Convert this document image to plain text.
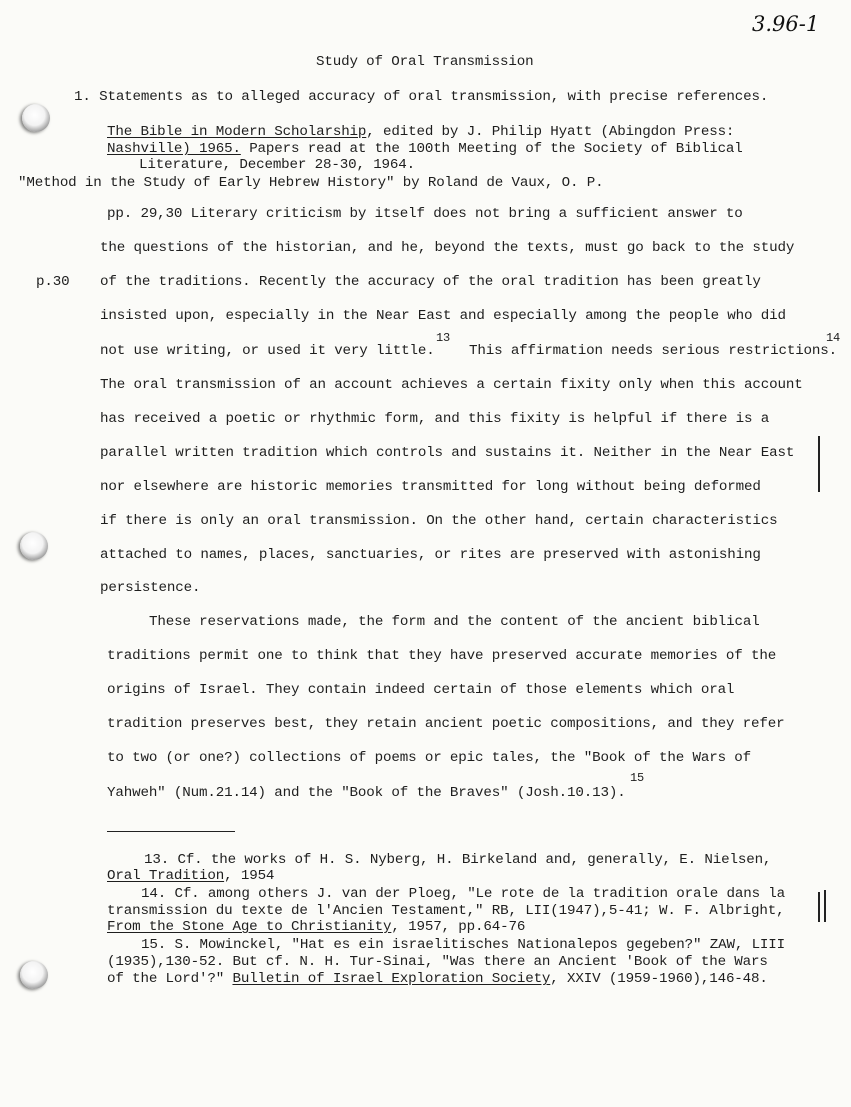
3.96-1
Study of Oral Transmission
1. Statements as to alleged accuracy of oral transmission, with precise references.
The Bible in Modern Scholarship, edited by J. Philip Hyatt (Abingdon Press:
Nashville) 1965. Papers read at the 100th Meeting of the Society of Biblical
Literature, December 28-30, 1964.
"Method in the Study of Early Hebrew History" by Roland de Vaux, O. P.
p.30
pp. 29,30 Literary criticism by itself does not bring a sufficient answer to
the questions of the historian, and he, beyond the texts, must go back to the study
of the traditions. Recently the accuracy of the oral tradition has been greatly
insisted upon, especially in the Near East and especially among the people who did
not use writing, or used it very little.
13
This affirmation needs serious restrictions.
14
The oral transmission of an account achieves a certain fixity only when this account
has received a poetic or rhythmic form, and this fixity is helpful if there is a
parallel written tradition which controls and sustains it. Neither in the Near East
nor elsewhere are historic memories transmitted for long without being deformed
if there is only an oral transmission. On the other hand, certain characteristics
attached to names, places, sanctuaries, or rites are preserved with astonishing
persistence.
These reservations made, the form and the content of the ancient biblical
traditions permit one to think that they have preserved accurate memories of the
origins of Israel. They contain indeed certain of those elements which oral
tradition preserves best, they retain ancient poetic compositions, and they refer
to two (or one?) collections of poems or epic tales, the "Book of the Wars of
Yahweh" (Num.21.14) and the "Book of the Braves" (Josh.10.13).
15
13. Cf. the works of H. S. Nyberg, H. Birkeland and, generally, E. Nielsen,
Oral Tradition, 1954
14. Cf. among others J. van der Ploeg, "Le rote de la tradition orale dans la
transmission du texte de l'Ancien Testament," RB, LII(1947),5-41; W. F. Albright,
From the Stone Age to Christianity, 1957, pp.64-76
15. S. Mowinckel, "Hat es ein israelitisches Nationalepos gegeben?" ZAW, LIII
(1935),130-52. But cf. N. H. Tur-Sinai, "Was there an Ancient 'Book of the Wars
of the Lord'?" Bulletin of Israel Exploration Society, XXIV (1959-1960),146-48.
